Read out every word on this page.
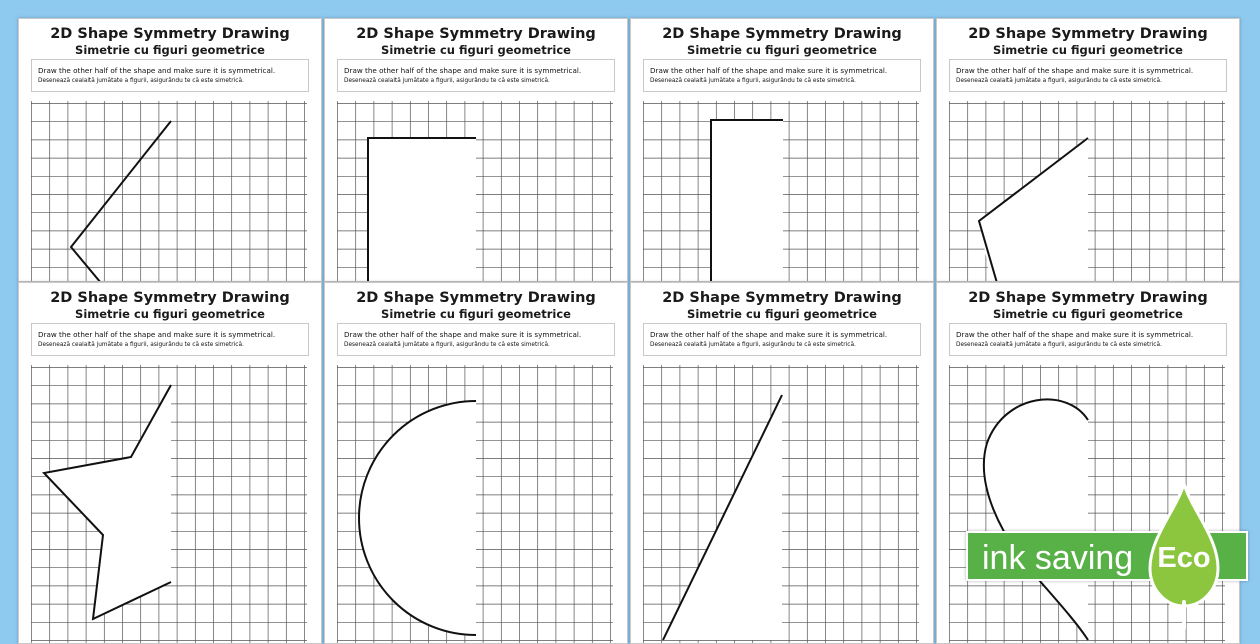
2D Shape Symmetry Drawing
Simetrie cu figuri geometrice
Draw the other half of the shape and make sure it is symmetrical.
Desenează cealaltă jumătate a figurii, asigurându te că este simetrică.
2D Shape Symmetry Drawing
Simetrie cu figuri geometrice
Draw the other half of the shape and make sure it is symmetrical.
Desenează cealaltă jumătate a figurii, asigurându te că este simetrică.
2D Shape Symmetry Drawing
Simetrie cu figuri geometrice
Draw the other half of the shape and make sure it is symmetrical.
Desenează cealaltă jumătate a figurii, asigurându te că este simetrică.
2D Shape Symmetry Drawing
Simetrie cu figuri geometrice
Draw the other half of the shape and make sure it is symmetrical.
Desenează cealaltă jumătate a figurii, asigurându te că este simetrică.
2D Shape Symmetry Drawing
Simetrie cu figuri geometrice
Draw the other half of the shape and make sure it is symmetrical.
Desenează cealaltă jumătate a figurii, asigurându te că este simetrică.
2D Shape Symmetry Drawing
Simetrie cu figuri geometrice
Draw the other half of the shape and make sure it is symmetrical.
Desenează cealaltă jumătate a figurii, asigurându te că este simetrică.
2D Shape Symmetry Drawing
Simetrie cu figuri geometrice
Draw the other half of the shape and make sure it is symmetrical.
Desenează cealaltă jumătate a figurii, asigurându te că este simetrică.
2D Shape Symmetry Drawing
Simetrie cu figuri geometrice
Draw the other half of the shape and make sure it is symmetrical.
Desenează cealaltă jumătate a figurii, asigurându te că este simetrică.
ink saving Eco
